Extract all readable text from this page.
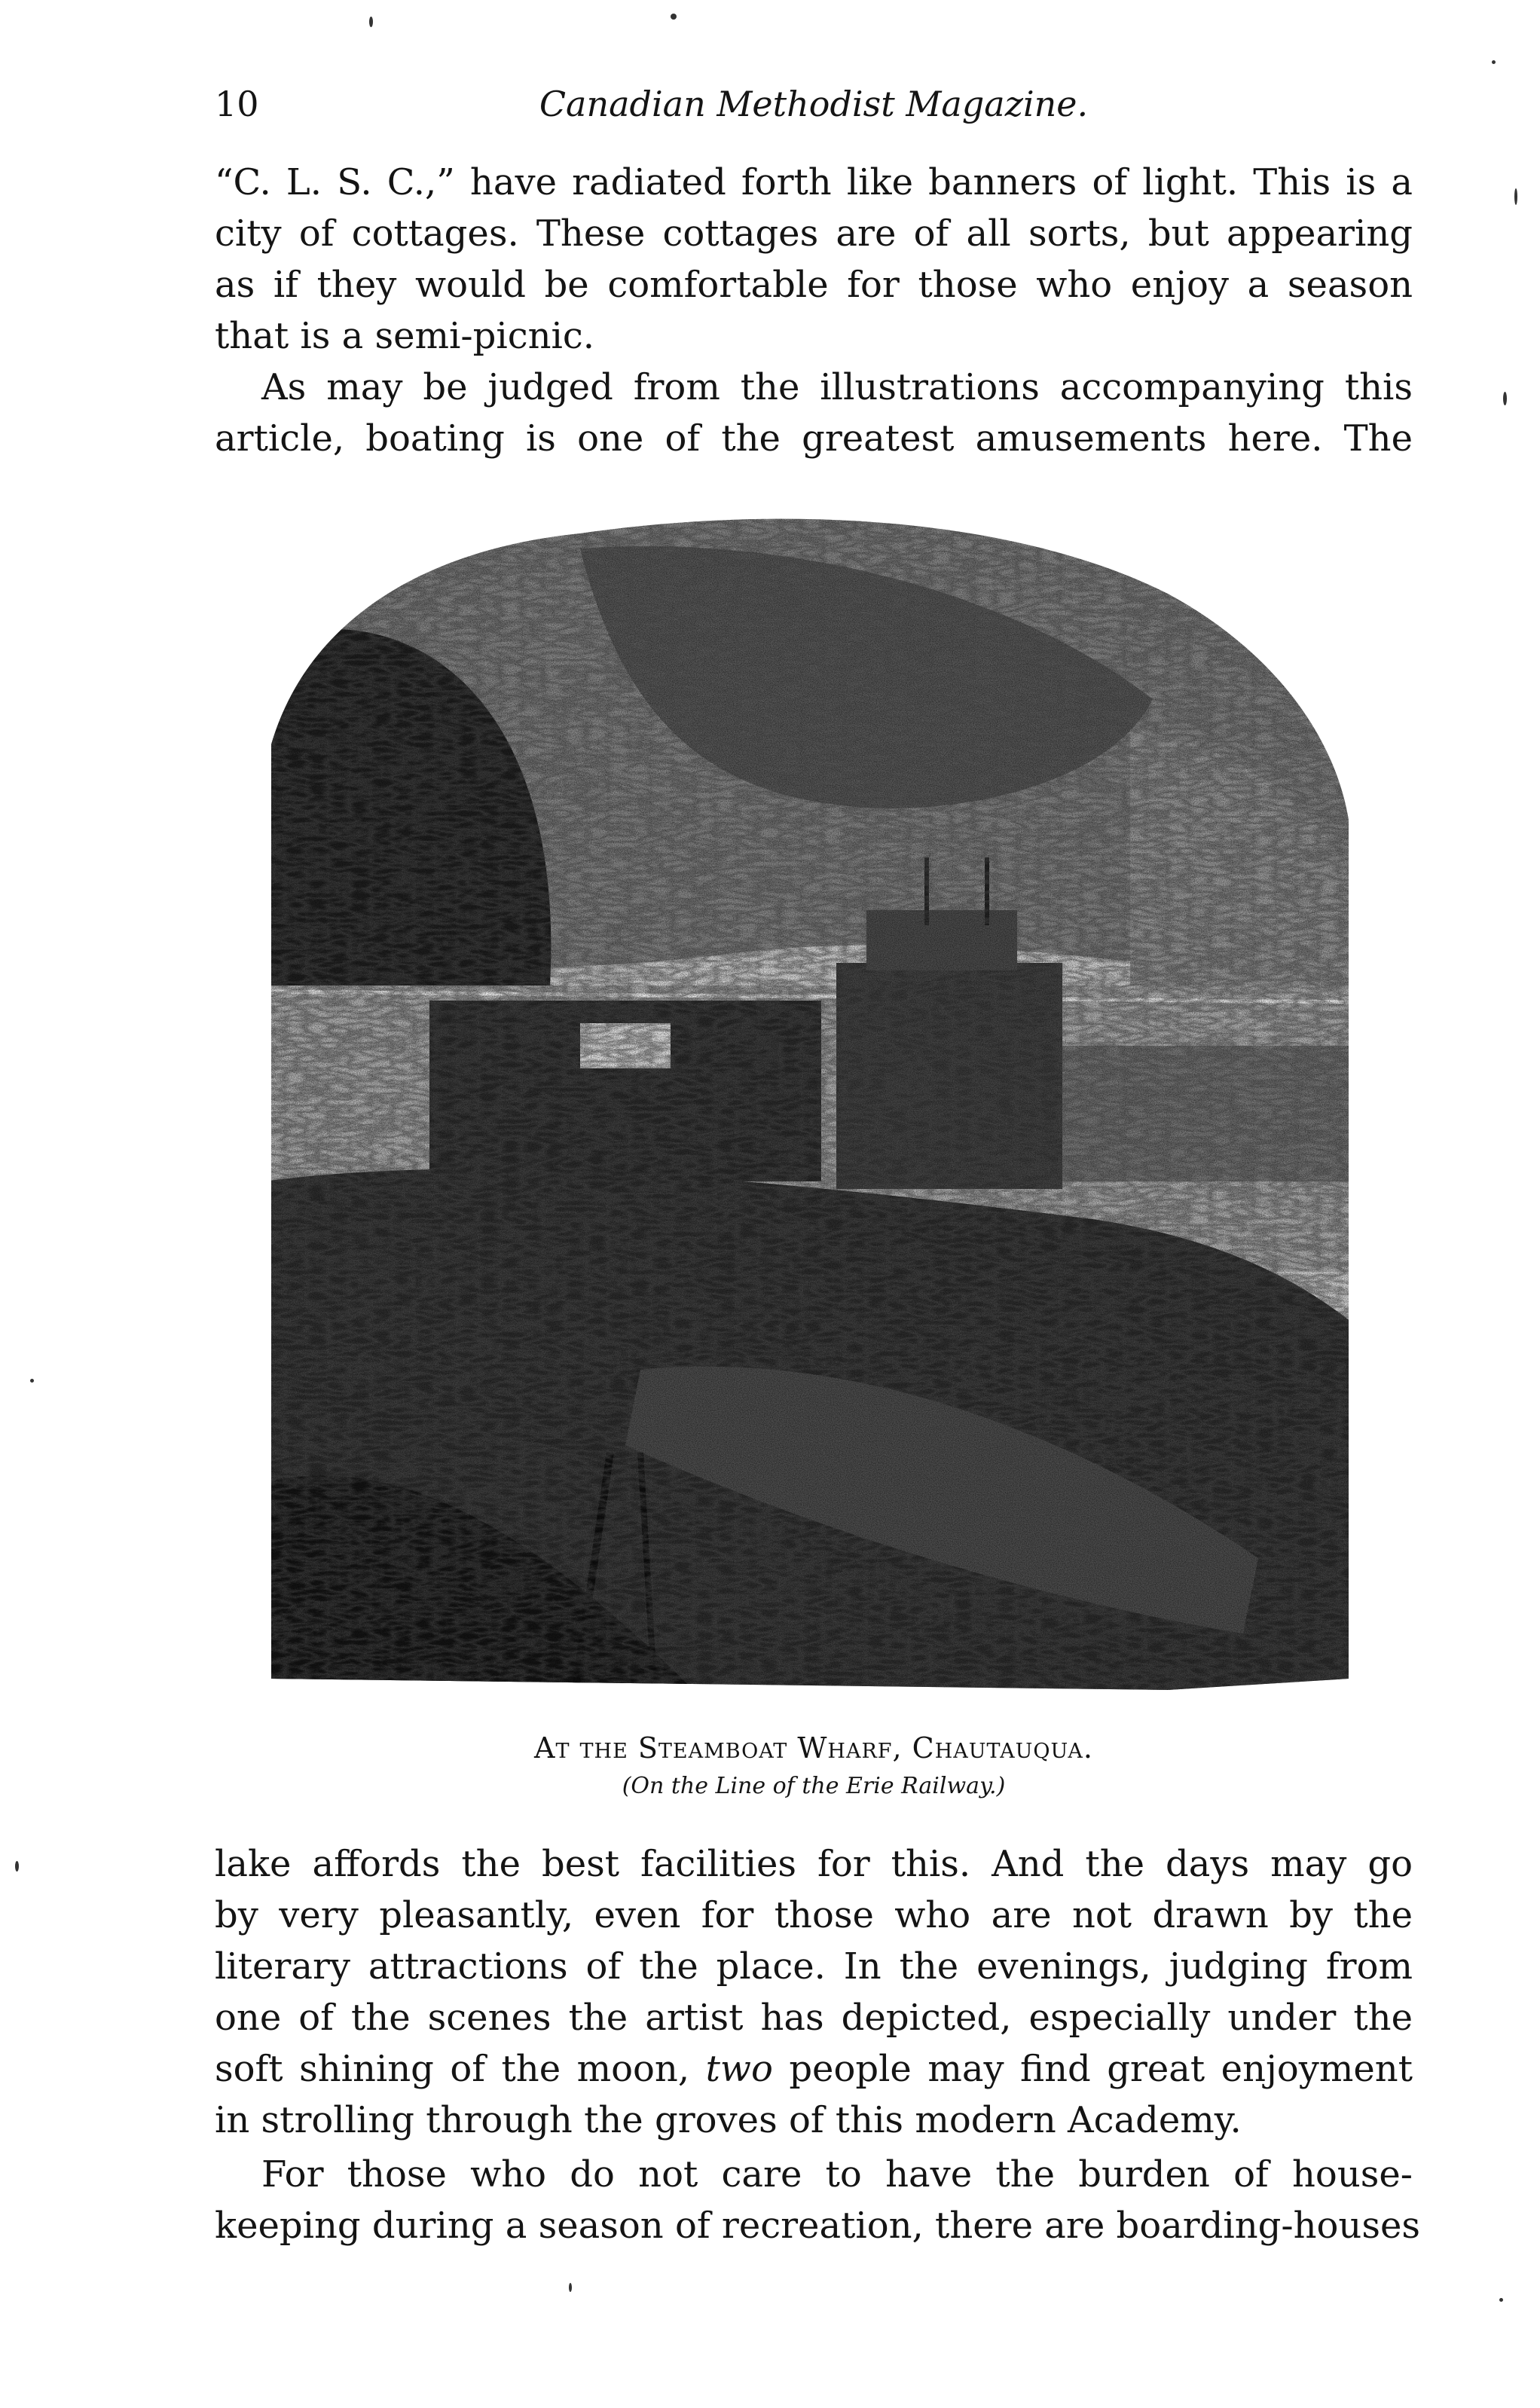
10	Canadian Methodist Magazine.

“C. L. S. C.,” have radiated forth like banners of light. This is a
city of cottages. These cottages are of all sorts, but appearing
as if they would be comfortable for those who enjoy a season
that is a semi-picnic.

As may be judged from the illustrations accompanying this
article, boating is one of the greatest amusements here. The

At the Steamboat Wharf, Chautauqua.
(On the Line of the Erie Railway.)

lake affords the best facilities for this. And the days may go
by very pleasantly, even for those who are not drawn by the
literary attractions of the place. In the evenings, judging from
one of the scenes the artist has depicted, especially under the
soft shining of the moon, two people may find great enjoyment
in strolling through the groves of this modern Academy.

For those who do not care to have the burden of house-
keeping during a season of recreation, there are boarding-houses
